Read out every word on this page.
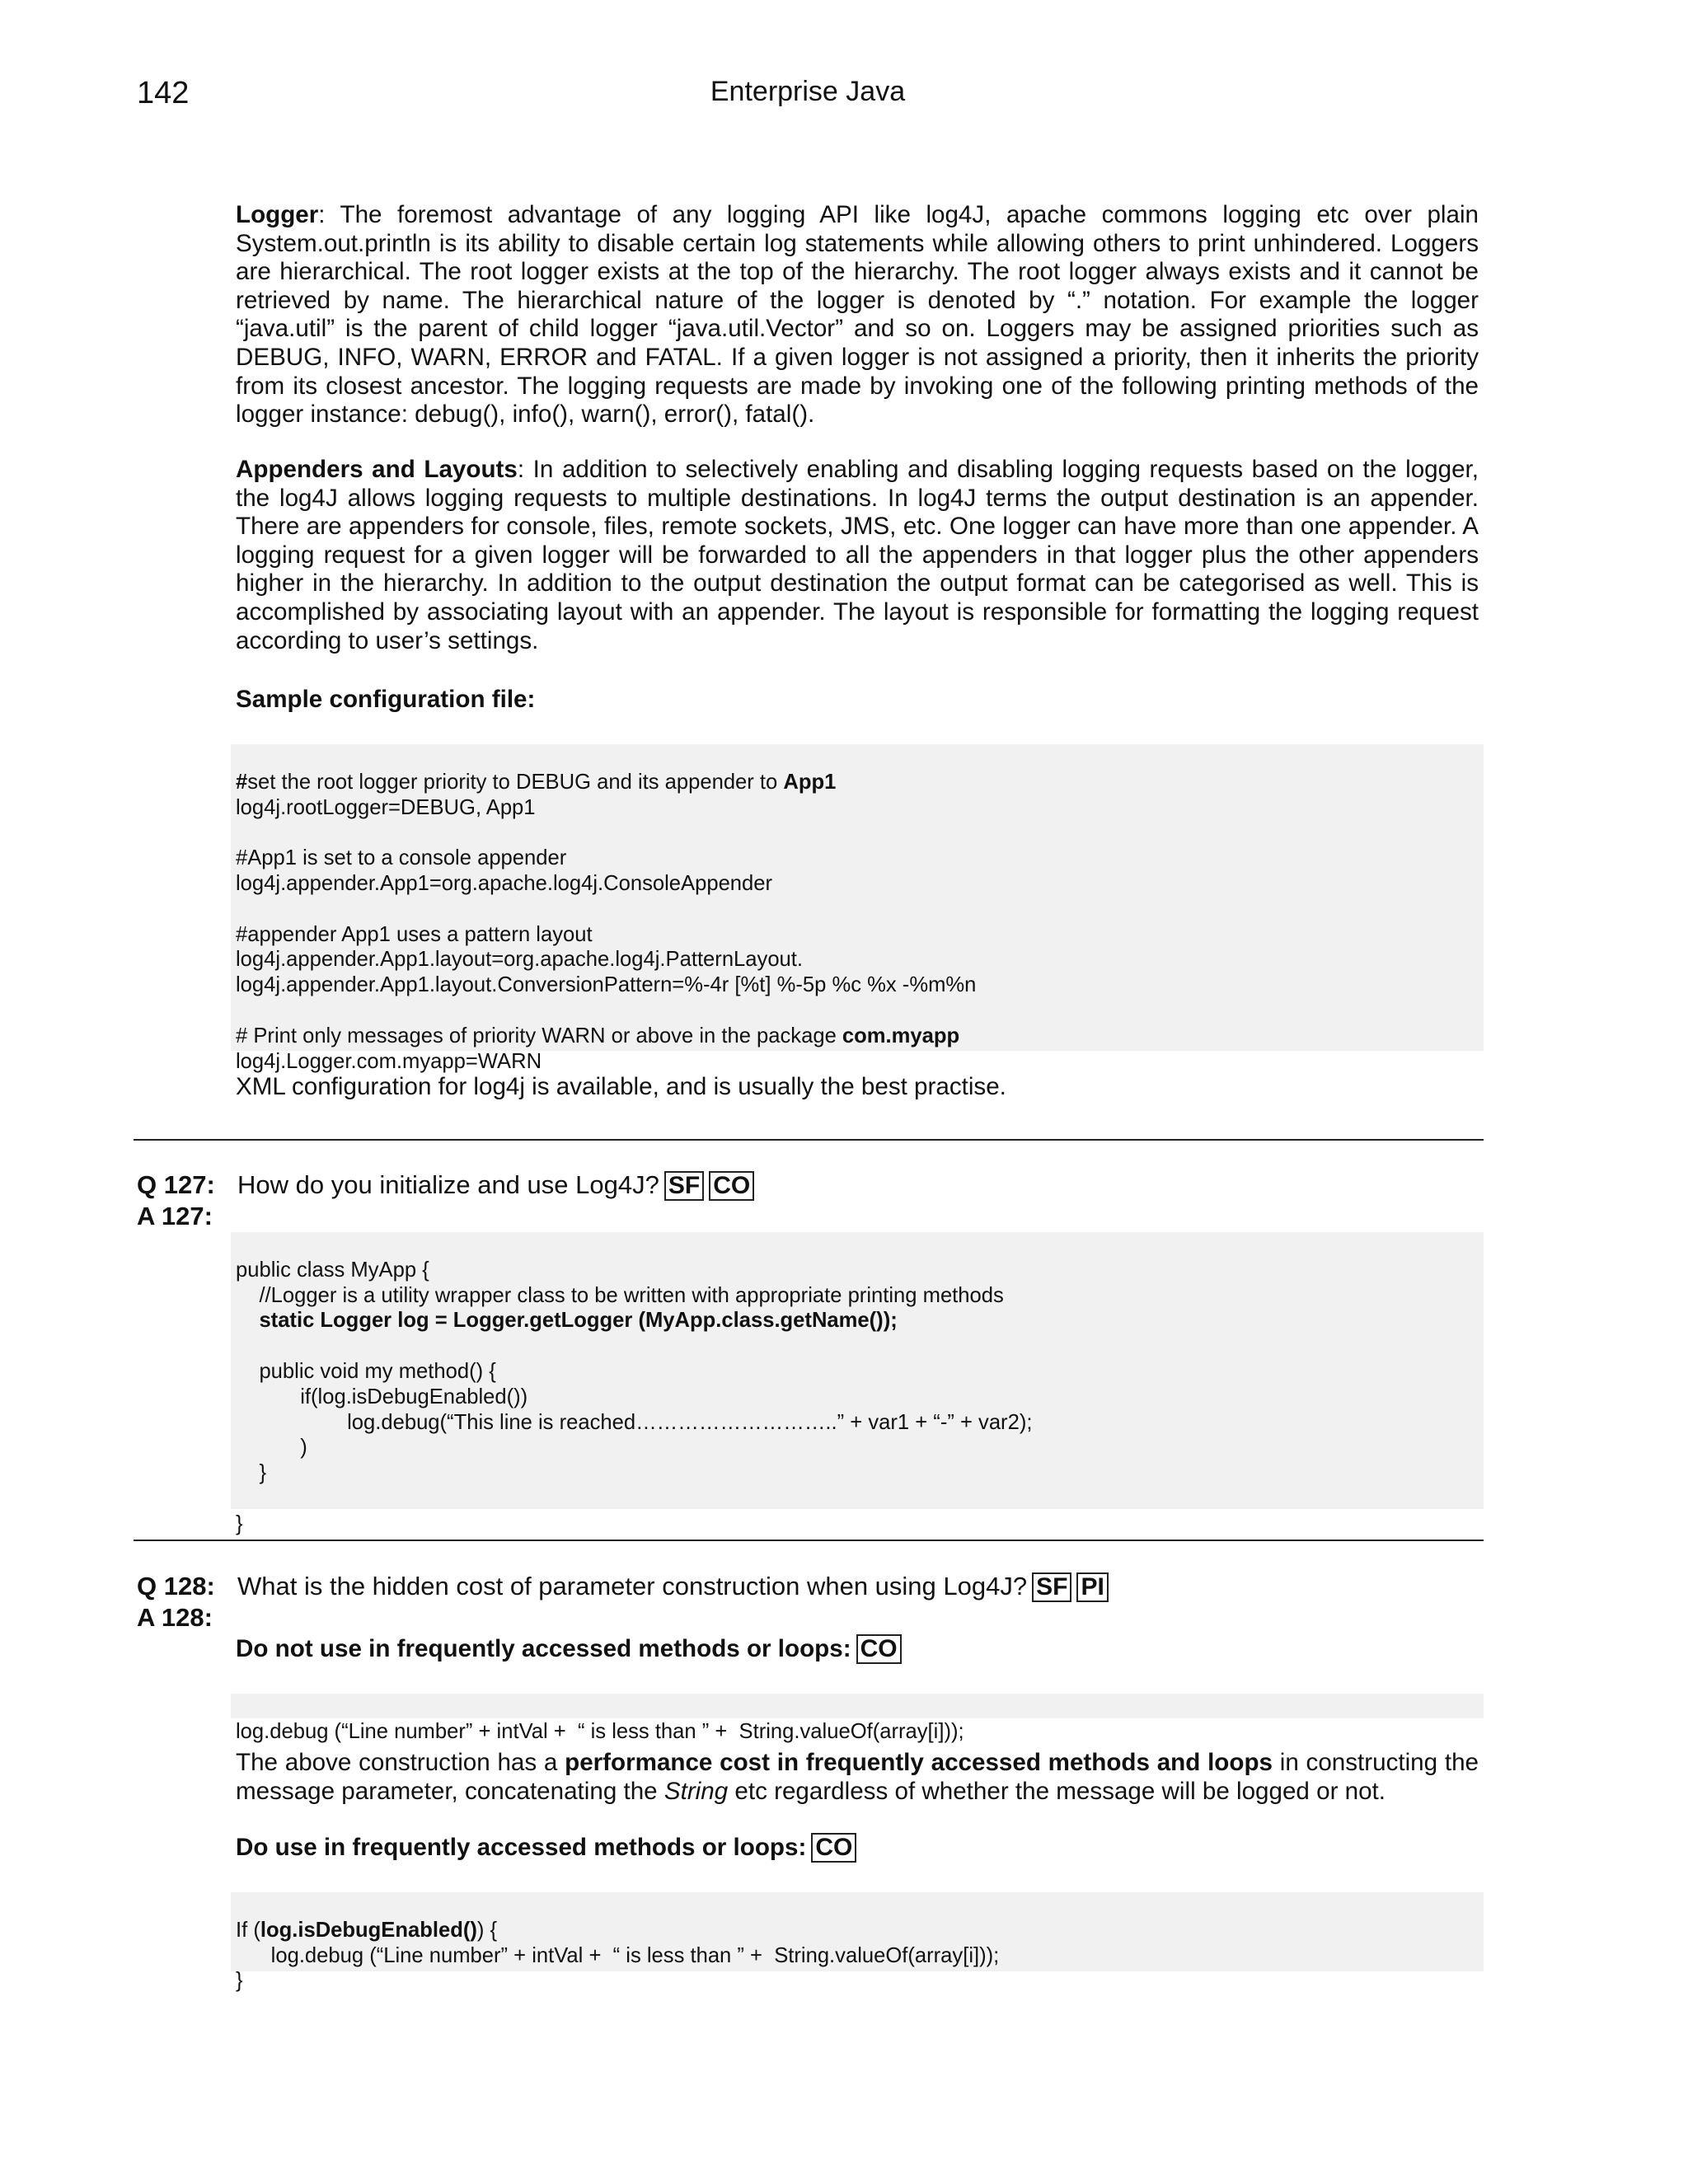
142	Enterprise Java

Logger: The foremost advantage of any logging API like log4J, apache commons logging etc over plain System.out.println is its ability to disable certain log statements while allowing others to print unhindered. Loggers are hierarchical. The root logger exists at the top of the hierarchy. The root logger always exists and it cannot be retrieved by name. The hierarchical nature of the logger is denoted by “.” notation. For example the logger “java.util” is the parent of child logger “java.util.Vector” and so on. Loggers may be assigned priorities such as DEBUG, INFO, WARN, ERROR and FATAL. If a given logger is not assigned a priority, then it inherits the priority from its closest ancestor. The logging requests are made by invoking one of the following printing methods of the logger instance: debug(), info(), warn(), error(), fatal().

Appenders and Layouts: In addition to selectively enabling and disabling logging requests based on the logger, the log4J allows logging requests to multiple destinations. In log4J terms the output destination is an appender. There are appenders for console, files, remote sockets, JMS, etc. One logger can have more than one appender. A logging request for a given logger will be forwarded to all the appenders in that logger plus the other appenders higher in the hierarchy. In addition to the output destination the output format can be categorised as well. This is accomplished by associating layout with an appender. The layout is responsible for formatting the logging request according to user’s settings.

Sample configuration file:

#set the root logger priority to DEBUG and its appender to App1
log4j.rootLogger=DEBUG, App1
#App1 is set to a console appender
log4j.appender.App1=org.apache.log4j.ConsoleAppender
#appender App1 uses a pattern layout
log4j.appender.App1.layout=org.apache.log4j.PatternLayout.
log4j.appender.App1.layout.ConversionPattern=%-4r [%t] %-5p %c %x -%m%n
# Print only messages of priority WARN or above in the package com.myapp
log4j.Logger.com.myapp=WARN

XML configuration for log4j is available, and is usually the best practise.

Q 127:
A 127:
How do you initialize and use Log4J? SF CO

public class MyApp {
//Logger is a utility wrapper class to be written with appropriate printing methods
static Logger log = Logger.getLogger (MyApp.class.getName());
public void my method() {
if(log.isDebugEnabled())
log.debug(“This line is reached………………………..” + var1 + “-” + var2);
)
}
}

Q 128:
A 128:
What is the hidden cost of parameter construction when using Log4J? SF PI

Do not use in frequently accessed methods or loops: CO

log.debug (“Line number” + intVal +  “ is less than ” +  String.valueOf(array[i]));

The above construction has a performance cost in frequently accessed methods and loops in constructing the message parameter, concatenating the String etc regardless of whether the message will be logged or not.

Do use in frequently accessed methods or loops: CO

If (log.isDebugEnabled()) {
log.debug (“Line number” + intVal +  “ is less than ” +  String.valueOf(array[i]));
}
